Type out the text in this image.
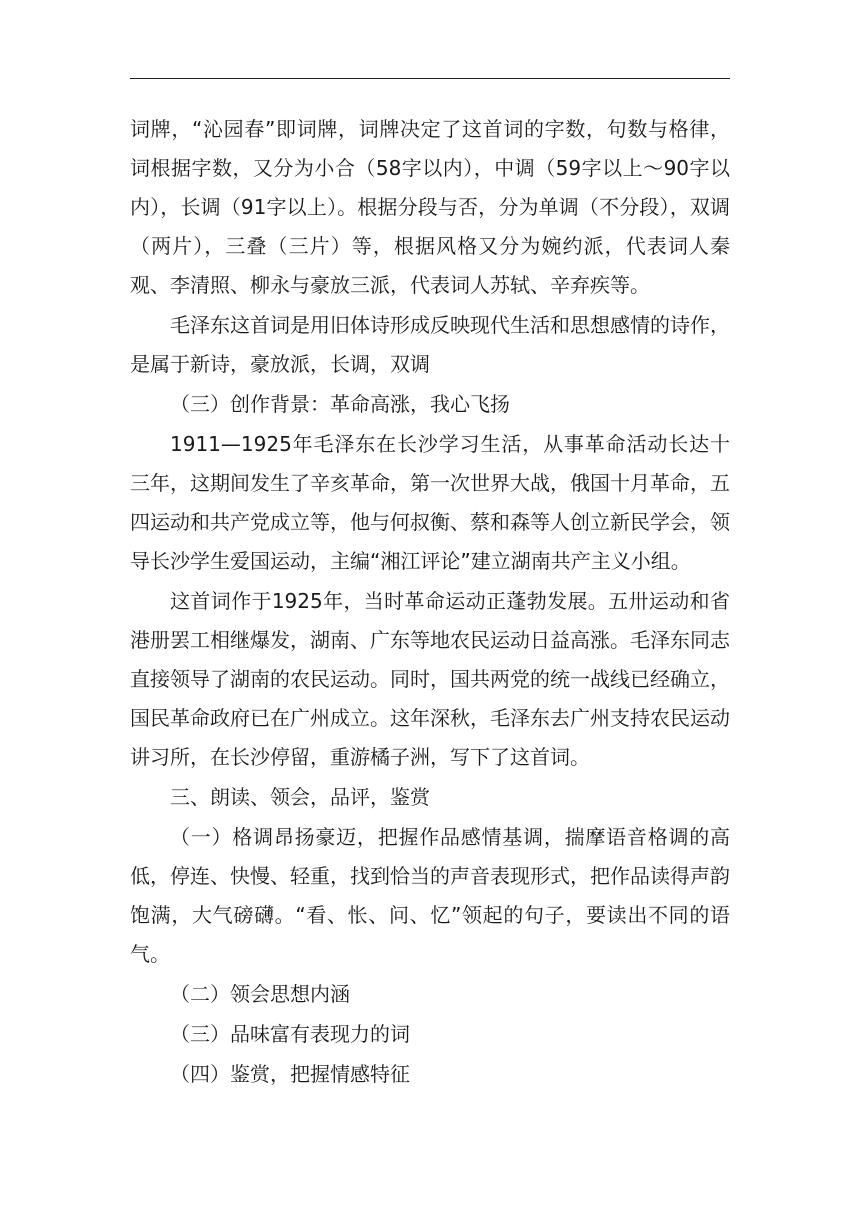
词牌，“沁园春”即词牌，词牌决定了这首词的字数，句数与格律，词根据字数，又分为小合（58字以内），中调（59字以上～90字以内），长调（91字以上）。根据分段与否，分为单调（不分段），双调（两片），三叠（三片）等，根据风格又分为婉约派，代表词人秦观、李清照、柳永与豪放三派，代表词人苏轼、辛弃疾等。

毛泽东这首词是用旧体诗形成反映现代生活和思想感情的诗作，是属于新诗，豪放派，长调，双调

（三）创作背景：革命高涨，我心飞扬

1911—1925年毛泽东在长沙学习生活，从事革命活动长达十三年，这期间发生了辛亥革命，第一次世界大战，俄国十月革命，五四运动和共产党成立等，他与何叔衡、蔡和森等人创立新民学会，领导长沙学生爱国运动，主编“湘江评论”建立湖南共产主义小组。

这首词作于1925年，当时革命运动正蓬勃发展。五卅运动和省港册罢工相继爆发，湖南、广东等地农民运动日益高涨。毛泽东同志直接领导了湖南的农民运动。同时，国共两党的统一战线已经确立，国民革命政府已在广州成立。这年深秋，毛泽东去广州支持农民运动讲习所，在长沙停留，重游橘子洲，写下了这首词。

三、朗读、领会，品评，鉴赏

（一）格调昂扬豪迈，把握作品感情基调，揣摩语音格调的高低，停连、快慢、轻重，找到恰当的声音表现形式，把作品读得声韵饱满，大气磅礴。“看、怅、问、忆”领起的句子，要读出不同的语气。

（二）领会思想内涵

（三）品味富有表现力的词

（四）鉴赏，把握情感特征
